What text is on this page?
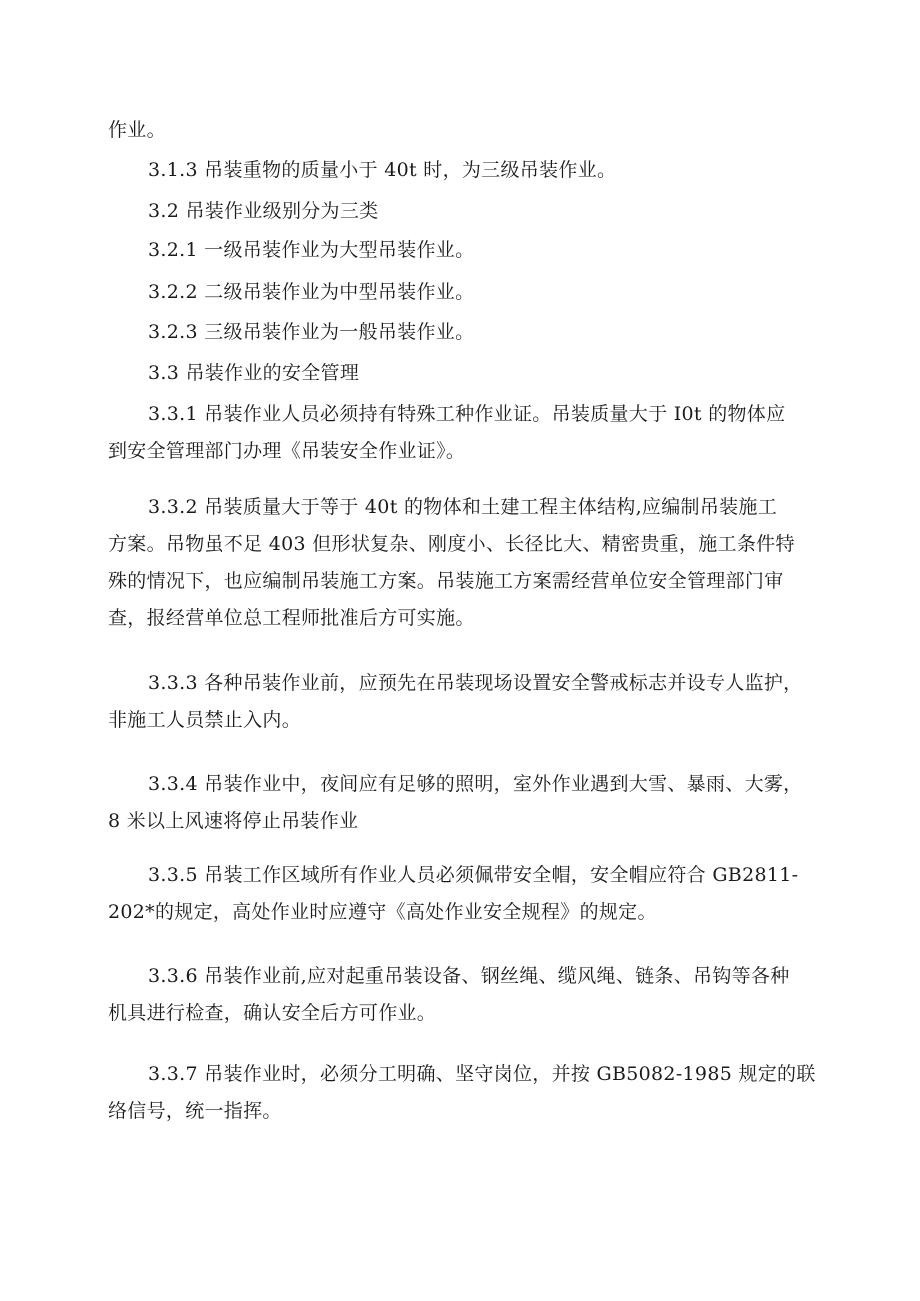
作业。
3.1.3 吊装重物的质量小于 40t 时，为三级吊装作业。
3.2 吊装作业级别分为三类
3.2.1 一级吊装作业为大型吊装作业。
3.2.2 二级吊装作业为中型吊装作业。
3.2.3 三级吊装作业为一般吊装作业。
3.3 吊装作业的安全管理
3.3.1 吊装作业人员必须持有特殊工种作业证。吊装质量大于 I0t 的物体应
到安全管理部门办理《吊装安全作业证》。
3.3.2 吊装质量大于等于 40t 的物体和土建工程主体结构,应编制吊装施工
方案。吊物虽不足 403 但形状复杂、刚度小、长径比大、精密贵重，施工条件特
殊的情况下，也应编制吊装施工方案。吊装施工方案需经营单位安全管理部门审
查，报经营单位总工程师批准后方可实施。
3.3.3 各种吊装作业前，应预先在吊装现场设置安全警戒标志并设专人监护，
非施工人员禁止入内。
3.3.4 吊装作业中，夜间应有足够的照明，室外作业遇到大雪、暴雨、大雾，
8 米以上风速将停止吊装作业
3.3.5 吊装工作区域所有作业人员必须佩带安全帽，安全帽应符合 GB2811-
202*的规定，高处作业时应遵守《高处作业安全规程》的规定。
3.3.6 吊装作业前,应对起重吊装设备、钢丝绳、缆风绳、链条、吊钩等各种
机具进行检查，确认安全后方可作业。
3.3.7 吊装作业时，必须分工明确、坚守岗位，并按 GB5082-1985 规定的联
络信号，统一指挥。
